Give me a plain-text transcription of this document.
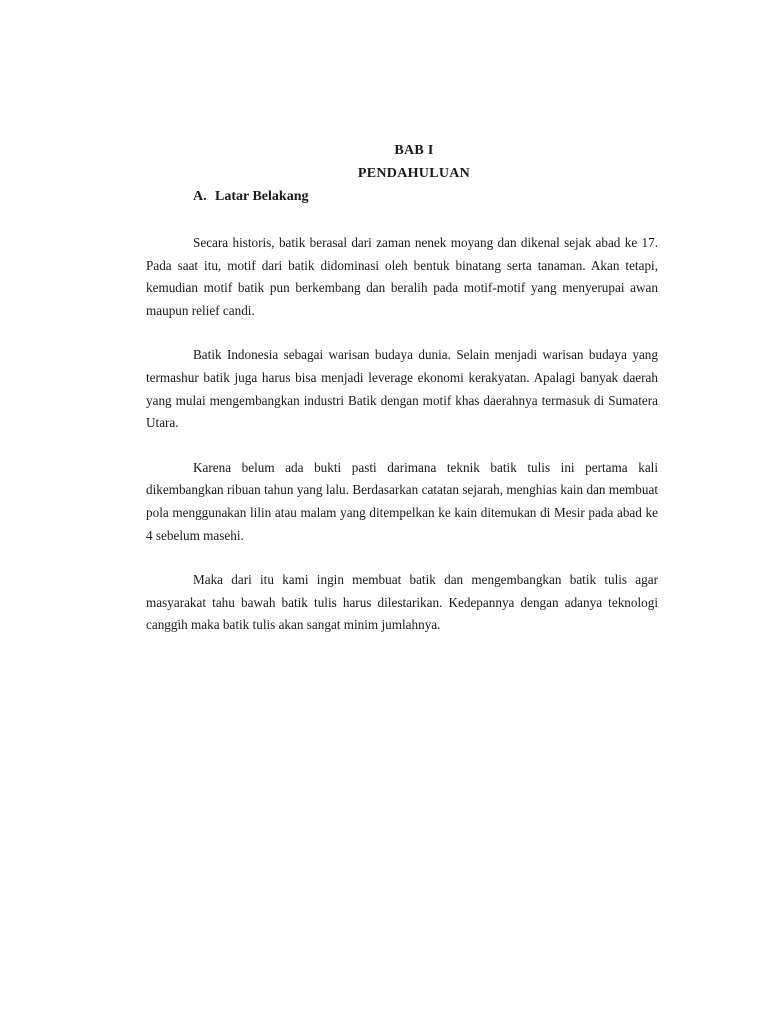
BAB I
PENDAHULUAN
A. Latar Belakang

Secara historis, batik berasal dari zaman nenek moyang dan dikenal sejak abad ke 17. Pada saat itu, motif dari batik didominasi oleh bentuk binatang serta tanaman. Akan tetapi, kemudian motif batik pun berkembang dan beralih pada motif-motif yang menyerupai awan maupun relief candi.

Batik Indonesia sebagai warisan budaya dunia. Selain menjadi warisan budaya yang termashur batik juga harus bisa menjadi leverage ekonomi kerakyatan. Apalagi banyak daerah yang mulai mengembangkan industri Batik dengan motif khas daerahnya termasuk di Sumatera Utara.

Karena belum ada bukti pasti darimana teknik batik tulis ini pertama kali dikembangkan ribuan tahun yang lalu. Berdasarkan catatan sejarah, menghias kain dan membuat pola menggunakan lilin atau malam yang ditempelkan ke kain ditemukan di Mesir pada abad ke 4 sebelum masehi.

Maka dari itu kami ingin membuat batik dan mengembangkan batik tulis agar masyarakat tahu bawah batik tulis harus dilestarikan. Kedepannya dengan adanya teknologi canggih maka batik tulis akan sangat minim jumlahnya.
